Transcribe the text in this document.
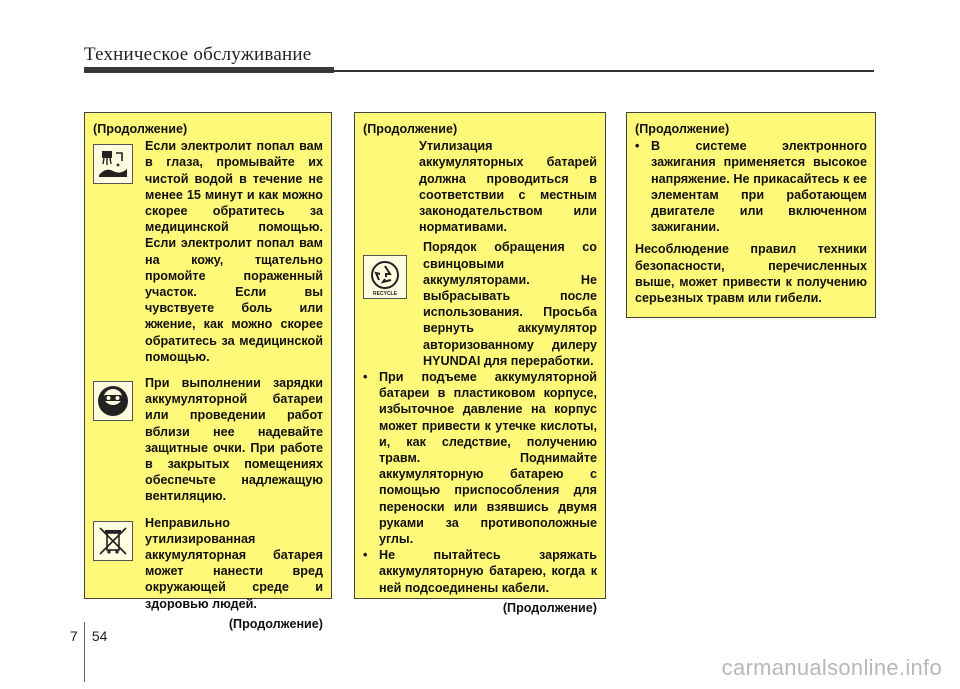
Техническое обслуживание
(Продолжение)
Если электролит попал вам в глаза, промывайте их чистой водой в течение не менее 15 минут и как можно скорее обратитесь за медицинской помощью. Если электролит попал вам на кожу, тщательно промойте пораженный участок. Если вы чувствуете боль или жжение, как можно скорее обратитесь за медицинской помощью.
При выполнении зарядки аккумуляторной батареи или проведении работ вблизи нее надевайте защитные очки. При работе в закрытых помещениях обеспечьте надлежащую вентиляцию.
Неправильно утилизированная аккумуляторная батарея может нанести вред окружающей среде и здоровью людей.
(Продолжение)
(Продолжение)
Утилизация аккумуляторных батарей должна проводиться в соответствии с местным законодательством или нормативами.
RECYCLE
Порядок обращения со свинцовыми аккумуляторами. Не выбрасывать после использования. Просьба вернуть аккумулятор авторизованному дилеру HYUNDAI для переработки.
• При подъеме аккумуляторной батареи в пластиковом корпусе, избыточное давление на корпус может привести к утечке кислоты, и, как следствие, получению травм. Поднимайте аккумуляторную батарею с помощью приспособления для переноски или взявшись двумя руками за противоположные углы.
• Не пытайтесь заряжать аккумуляторную батарею, когда к ней подсоединены кабели.
(Продолжение)
(Продолжение)
• В системе электронного зажигания применяется высокое напряжение. Не прикасайтесь к ее элементам при работающем двигателе или включенном зажигании.
Несоблюдение правил техники безопасности, перечисленных выше, может привести к получению серьезных травм или гибели.
7 54
carmanualsonline.info
